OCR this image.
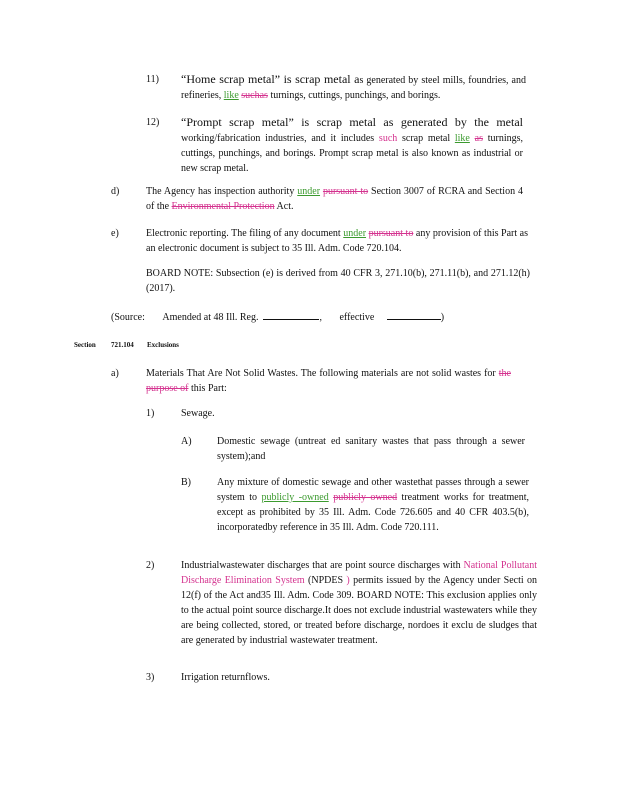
11) “Home scrap metal” is scrap metal as generated by steel mills, foundries, and refineries, like suchas turnings, cuttings, punchings, and borings.
12) “Prompt scrap metal” is scrap metal as generated by the metal working/fabrication industries, and it includes such scrap metal like as turnings, cuttings, punchings, and borings. Prompt scrap metal is also known as industrial or new scrap metal.
d)	The Agency has inspection authority under pursuant to Section 3007 of RCRA and Section 4 of the Environmental Protection Act.
e)	Electronic reporting. The filing of any document under pursuant to any provision of this Part as an electronic document is subject to 35 Ill. Adm. Code 720.104.
BOARD NOTE: Subsection (e) is derived from 40 CFR 3, 271.10(b), 271.11(b), and 271.12(h) (2017).
(Source: Amended at 48 Ill. Reg.	,       effective	)
Section 721.104 Exclusions
a)	Materials That Are Not Solid Wastes. The following materials are not solid wastes for the purpose of this Part:
1)	Sewage.
A)	Domestic sewage (untreat ed sanitary wastes that pass through a sewer system);and
B)	Any mixture of domestic sewage and other wastethat passes through a sewer system to publicly -owned publicly owned treatment works for treatment, except as prohibited by 35 Ill. Adm. Code 726.605 and 40 CFR 403.5(b), incorporatedby reference in 35 Ill. Adm. Code 720.111.
2)	Industrialwastewater discharges that are point source discharges with National Pollutant Discharge Elimination System (NPDES ) permits issued by the Agency under Secti on 12(f) of the Act and35 Ill. Adm. Code 309. BOARD NOTE: This exclusion applies only to the actual point source discharge.It does not exclude industrial wastewaters while they are being collected, stored, or treated before discharge, nordoes it exclu de sludges that are generated by industrial wastewater treatment.
3)	Irrigation returnflows.
